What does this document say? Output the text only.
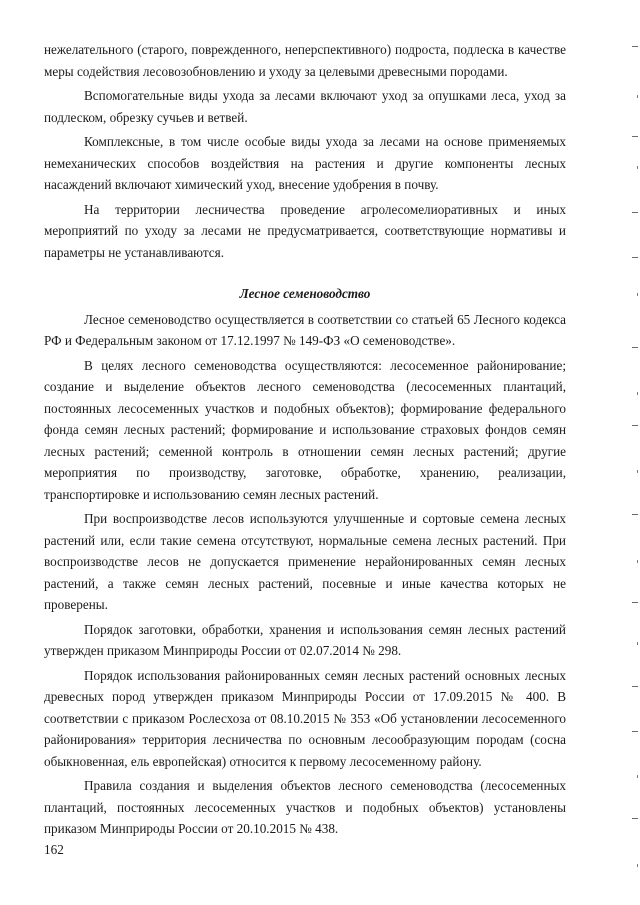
нежелательного (старого, поврежденного, неперспективного) подроста, подлеска в качестве меры содействия лесовозобновлению и уходу за целевыми древесными породами.

Вспомогательные виды ухода за лесами включают уход за опушками леса, уход за подлеском, обрезку сучьев и ветвей.

Комплексные, в том числе особые виды ухода за лесами на основе применяемых немеханических способов воздействия на растения и другие компоненты лесных насаждений включают химический уход, внесение удобрения в почву.

На территории лесничества проведение агролесомелиоративных и иных мероприятий по уходу за лесами не предусматривается, соответствующие нормативы и параметры не устанавливаются.

Лесное семеноводство

Лесное семеноводство осуществляется в соответствии со статьей 65 Лесного кодекса РФ и Федеральным законом от 17.12.1997 № 149-ФЗ «О семеноводстве».

В целях лесного семеноводства осуществляются: лесосеменное районирование; создание и выделение объектов лесного семеноводства (лесосеменных плантаций, постоянных лесосеменных участков и подобных объектов); формирование федерального фонда семян лесных растений; формирование и использование страховых фондов семян лесных растений; семенной контроль в отношении семян лесных растений; другие мероприятия по производству, заготовке, обработке, хранению, реализации, транспортировке и использованию семян лесных растений.

При воспроизводстве лесов используются улучшенные и сортовые семена лесных растений или, если такие семена отсутствуют, нормальные семена лесных растений. При воспроизводстве лесов не допускается применение нерайонированных семян лесных растений, а также семян лесных растений, посевные и иные качества которых не проверены.

Порядок заготовки, обработки, хранения и использования семян лесных растений утвержден приказом Минприроды России от 02.07.2014 № 298.

Порядок использования районированных семян лесных растений основных лесных древесных пород утвержден приказом Минприроды России от 17.09.2015 № 400. В соответствии с приказом Рослесхоза от 08.10.2015 № 353 «Об установлении лесосеменного районирования» территория лесничества по основным лесообразующим породам (сосна обыкновенная, ель европейская) относится к первому лесосеменному району.

Правила создания и выделения объектов лесного семеноводства (лесосеменных плантаций, постоянных лесосеменных участков и подобных объектов) установлены приказом Минприроды России от 20.10.2015 № 438.

162
